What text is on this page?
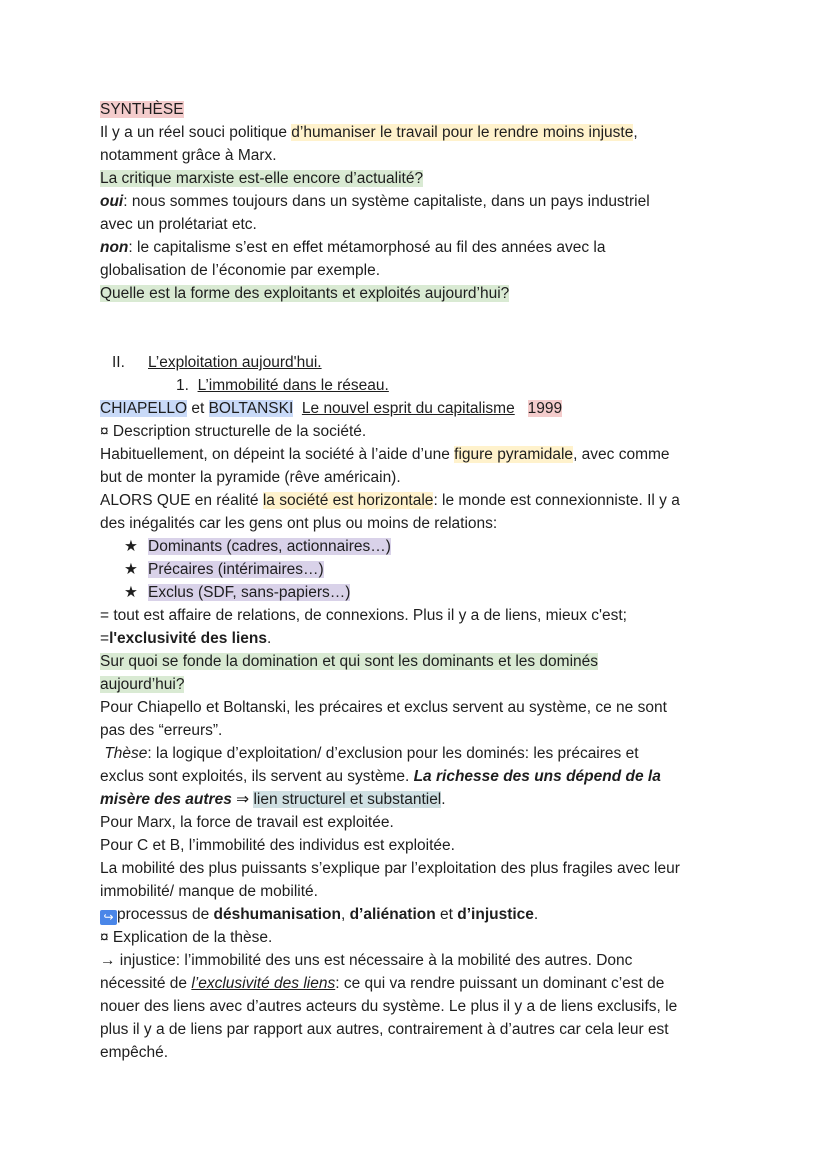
SYNTHÈSE
Il y a un réel souci politique d’humaniser le travail pour le rendre moins injuste,
notamment grâce à Marx.
La critique marxiste est-elle encore d’actualité?
oui: nous sommes toujours dans un système capitaliste, dans un pays industriel
avec un prolétariat etc.
non: le capitalisme s’est en effet métamorphosé au fil des années avec la
globalisation de l’économie par exemple.
Quelle est la forme des exploitants et exploités aujourd’hui?
II. L’exploitation aujourd'hui.
1. L’immobilité dans le réseau.
CHIAPELLO et BOLTANSKI Le nouvel esprit du capitalisme 1999
¤ Description structurelle de la société.
Habituellement, on dépeint la société à l’aide d’une figure pyramidale, avec comme
but de monter la pyramide (rêve américain).
ALORS QUE en réalité la société est horizontale: le monde est connexionniste. Il y a
des inégalités car les gens ont plus ou moins de relations:
★ Dominants (cadres, actionnaires…)
★ Précaires (intérimaires…)
★ Exclus (SDF, sans-papiers…)
= tout est affaire de relations, de connexions. Plus il y a de liens, mieux c'est;
=l'exclusivité des liens.
Sur quoi se fonde la domination et qui sont les dominants et les dominés
aujourd’hui?
Pour Chiapello et Boltanski, les précaires et exclus servent au système, ce ne sont
pas des “erreurs”.
Thèse: la logique d’exploitation/ d’exclusion pour les dominés: les précaires et
exclus sont exploités, ils servent au système. La richesse des uns dépend de la
misère des autres ⇒ lien structurel et substantiel.
Pour Marx, la force de travail est exploitée.
Pour C et B, l’immobilité des individus est exploitée.
La mobilité des plus puissants s’explique par l’exploitation des plus fragiles avec leur
immobilité/ manque de mobilité.
↪ processus de déshumanisation, d’aliénation et d’injustice.
¤ Explication de la thèse.
→ injustice: l’immobilité des uns est nécessaire à la mobilité des autres. Donc
nécessité de l’exclusivité des liens: ce qui va rendre puissant un dominant c’est de
nouer des liens avec d’autres acteurs du système. Le plus il y a de liens exclusifs, le
plus il y a de liens par rapport aux autres, contrairement à d’autres car cela leur est
empêché.
